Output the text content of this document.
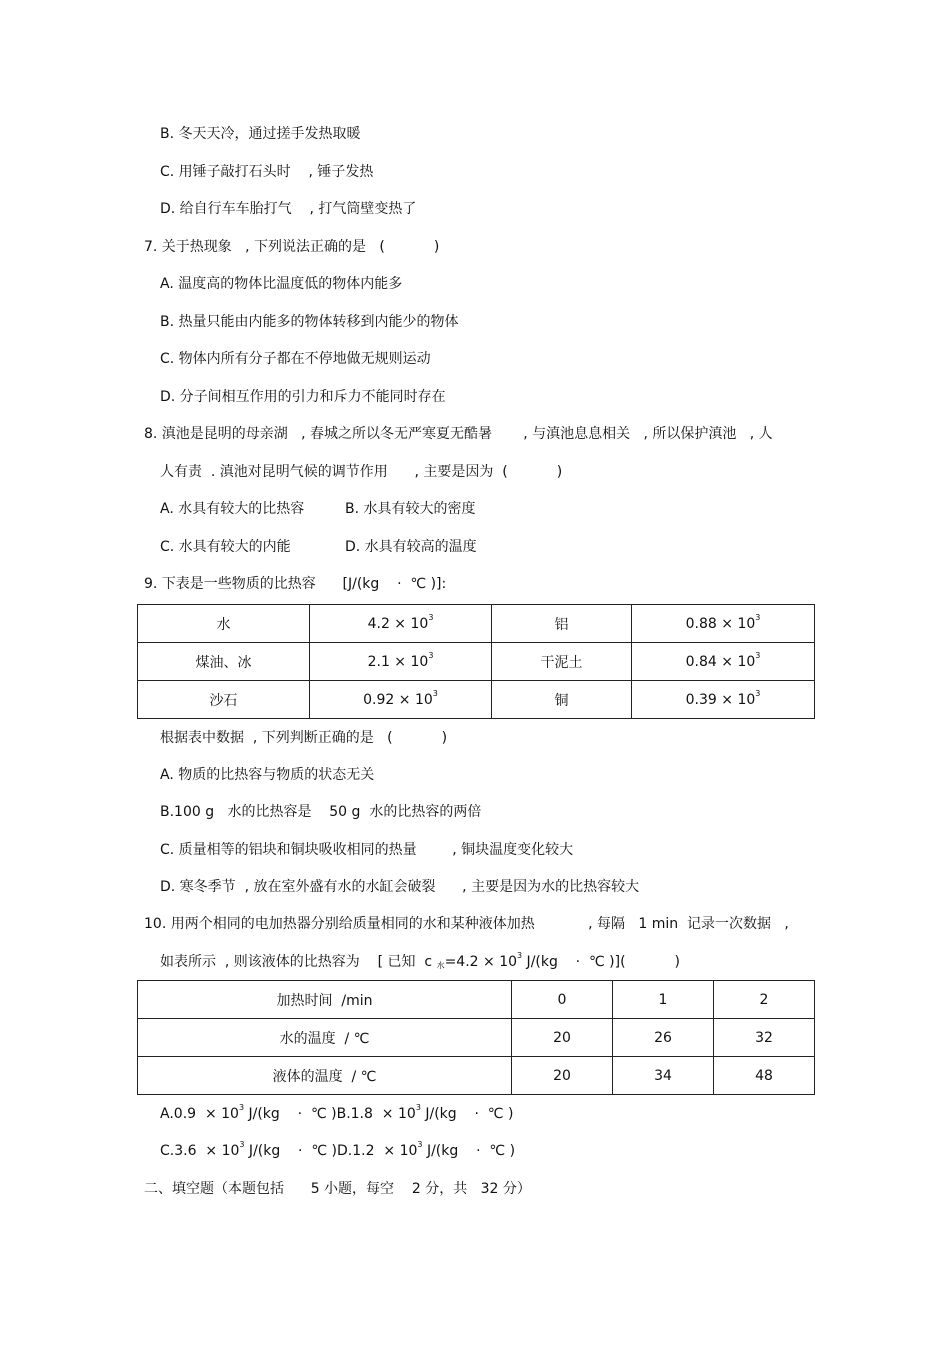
B. 冬天天冷，通过搓手发热取暖
C. 用锤子敲打石头时    , 锤子发热
D. 给自行车车胎打气    , 打气筒壁变热了
7. 关于热现象   , 下列说法正确的是   (           )
A. 温度高的物体比温度低的物体内能多
B. 热量只能由内能多的物体转移到内能少的物体
C. 物体内所有分子都在不停地做无规则运动
D. 分子间相互作用的引力和斥力不能同时存在
8. 滇池是昆明的母亲湖   , 春城之所以冬无严寒夏无酷暑       , 与滇池息息相关   , 所以保护滇池   , 人
人有责  . 滇池对昆明气候的调节作用      , 主要是因为  (           )
A. 水具有较大的比热容	B. 水具有较大的密度
C. 水具有较大的内能	D. 水具有较高的温度
9. 下表是一些物质的比热容      [J/(kg    ·  ℃ )]:
水	$4.2 \times 10^3$	铝	$0.88 \times 10^3$
煤油、冰	$2.1 \times 10^3$	干泥土	$0.84 \times 10^3$
沙石	$0.92 \times 10^3$	铜	$0.39 \times 10^3$
根据表中数据  , 下列判断正确的是   (           )
A. 物质的比热容与物质的状态无关
B.100 g   水的比热容是    50 g  水的比热容的两倍
C. 质量相等的铝块和铜块吸收相同的热量        , 铜块温度变化较大
D. 寒冬季节  , 放在室外盛有水的水缸会破裂      , 主要是因为水的比热容较大
10. 用两个相同的电加热器分别给质量相同的水和某种液体加热            , 每隔   1 min  记录一次数据   ,
如表所示  , 则该液体的比热容为    [ 已知  c $_水=4.2 \times 10^3$ J/(kg    ·  ℃ )](           )
加热时间  /min	0	1	2
水的温度  / ℃	20	26	32
液体的温度  / ℃	20	34	48
$A.0.9 \times 10^3$ J/(kg    ·  ℃ )$B.1.8 \times 10^3$ J/(kg    ·  ℃ )
$C.3.6 \times 10^3$ J/(kg    ·  ℃ )$D.1.2 \times 10^3$ J/(kg    ·  ℃ )
二、填空题（本题包括      5 小题，每空    2 分，共   32 分）
